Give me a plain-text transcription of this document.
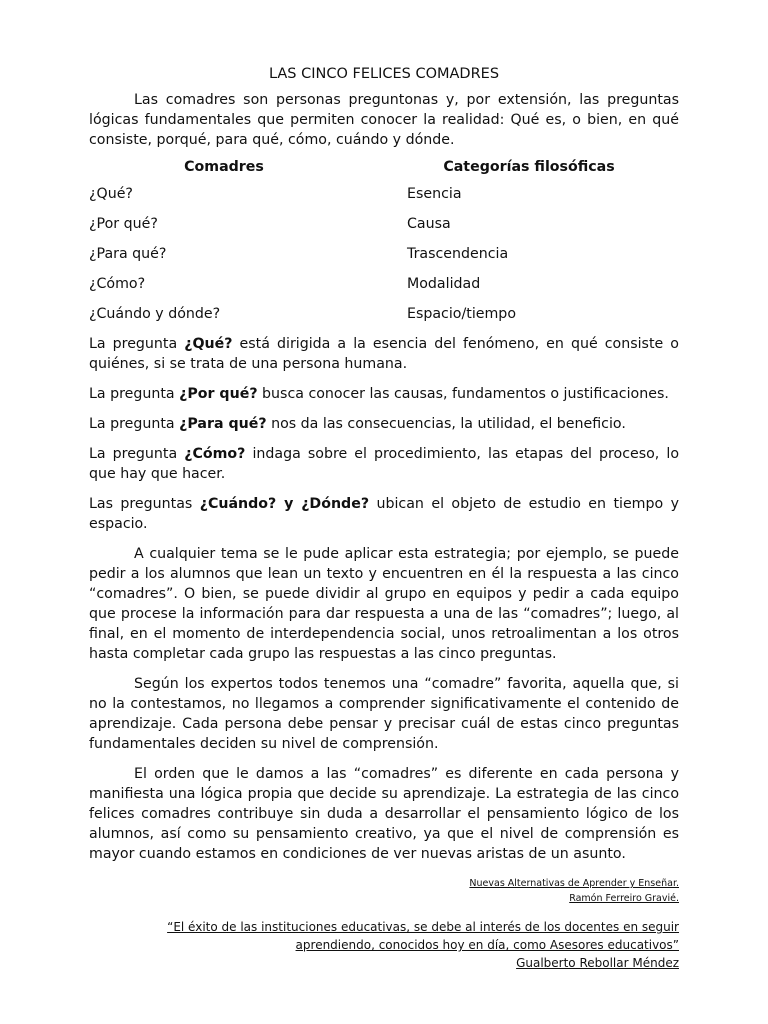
LAS CINCO FELICES COMADRES

Las comadres son personas preguntonas y, por extensión, las preguntas lógicas fundamentales que permiten conocer la realidad: Qué es, o bien, en qué consiste, porqué, para qué, cómo, cuándo y dónde.

Comadres	Categorías filosóficas
¿Qué?	Esencia
¿Por qué?	Causa
¿Para qué?	Trascendencia
¿Cómo?	Modalidad
¿Cuándo y dónde?	Espacio/tiempo

La pregunta ¿Qué? está dirigida a la esencia del fenómeno, en qué consiste o quiénes, si se trata de una persona humana.

La pregunta ¿Por qué? busca conocer las causas, fundamentos o justificaciones.

La pregunta ¿Para qué? nos da las consecuencias, la utilidad, el beneficio.

La pregunta ¿Cómo? indaga sobre el procedimiento, las etapas del proceso, lo que hay que hacer.

Las preguntas ¿Cuándo? y ¿Dónde? ubican el objeto de estudio en tiempo y espacio.

A cualquier tema se le pude aplicar esta estrategia; por ejemplo, se puede pedir a los alumnos que lean un texto y encuentren en él la respuesta a las cinco “comadres”. O bien, se puede dividir al grupo en equipos y pedir a cada equipo que procese la información para dar respuesta a una de las “comadres”; luego, al final, en el momento de interdependencia social, unos retroalimentan a los otros hasta completar cada grupo las respuestas a las cinco preguntas.

Según los expertos todos tenemos una “comadre” favorita, aquella que, si no la contestamos, no llegamos a comprender significativamente el contenido de aprendizaje. Cada persona debe pensar y precisar cuál de estas cinco preguntas fundamentales deciden su nivel de comprensión.

El orden que le damos a las “comadres” es diferente en cada persona y manifiesta una lógica propia que decide su aprendizaje. La estrategia de las cinco felices comadres contribuye sin duda a desarrollar el pensamiento lógico de los alumnos, así como su pensamiento creativo, ya que el nivel de comprensión es mayor cuando estamos en condiciones de ver nuevas aristas de un asunto.

Nuevas Alternativas de Aprender y Enseñar.
Ramón Ferreiro Gravié.
“El éxito de las instituciones educativas, se debe al interés de los docentes en seguir
aprendiendo, conocidos hoy en día, como Asesores educativos”
Gualberto Rebollar Méndez
